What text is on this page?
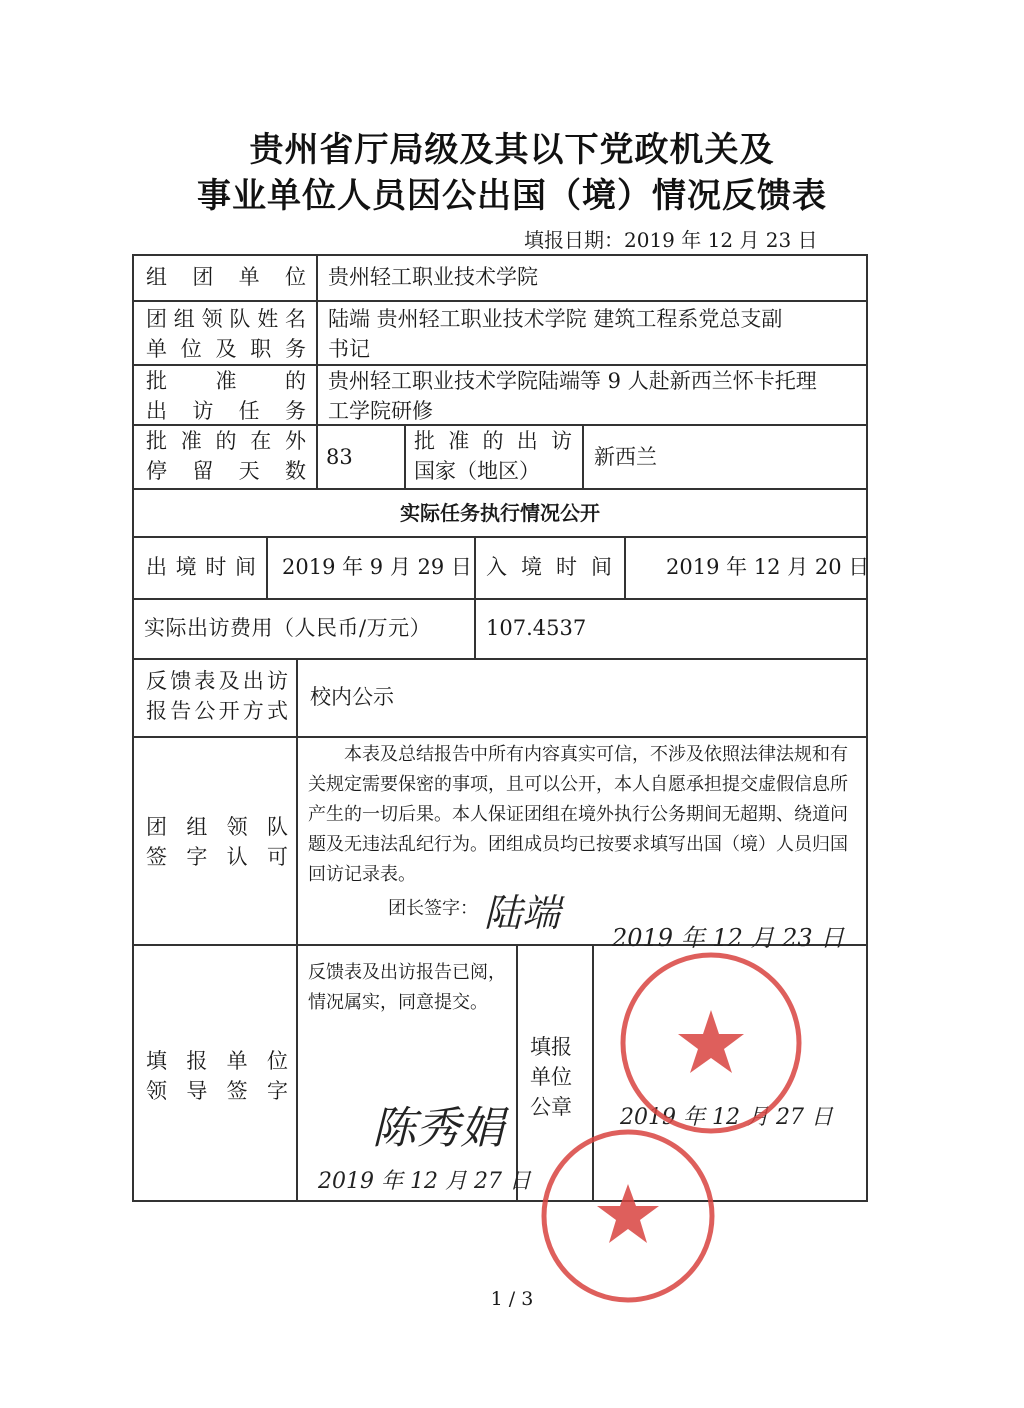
贵州省厅局级及其以下党政机关及
事业单位人员因公出国（境）情况反馈表
填报日期：2019 年 12 月 23 日
组团单位 贵州轻工职业技术学院
团组领队姓名
单位及职务
陆端 贵州轻工职业技术学院 建筑工程系党总支副
书记
批准的
出访任务
贵州轻工职业技术学院陆端等 9 人赴新西兰怀卡托理
工学院研修
批准的在外
停留天数
83
批准的出访
国家（地区）
新西兰
实际任务执行情况公开
出境时间 2019 年 9 月 29 日 入境时间	2019 年 12 月 20 日
实际出访费用（人民币/万元）	107.4537
反馈表及出访
报告公开方式
校内公示
团组领队
签字认可
本表及总结报告中所有内容真实可信，不涉及依照法律法规和有关规定需要保密的事项，且可以公开，本人自愿承担提交虚假信息所产生的一切后果。本人保证团组在境外执行公务期间无超期、绕道问题及无违法乱纪行为。团组成员均已按要求填写出国（境）人员归国回访记录表。
团长签字： 陆端
2019 年 12 月 23 日
填报单位
领导签字
反馈表及出访报告已阅，情况属实，同意提交。
陈秀娟
2019 年 12 月 27 日
填报
单位
公章 2019 年 12 月 27 日
1 / 3
